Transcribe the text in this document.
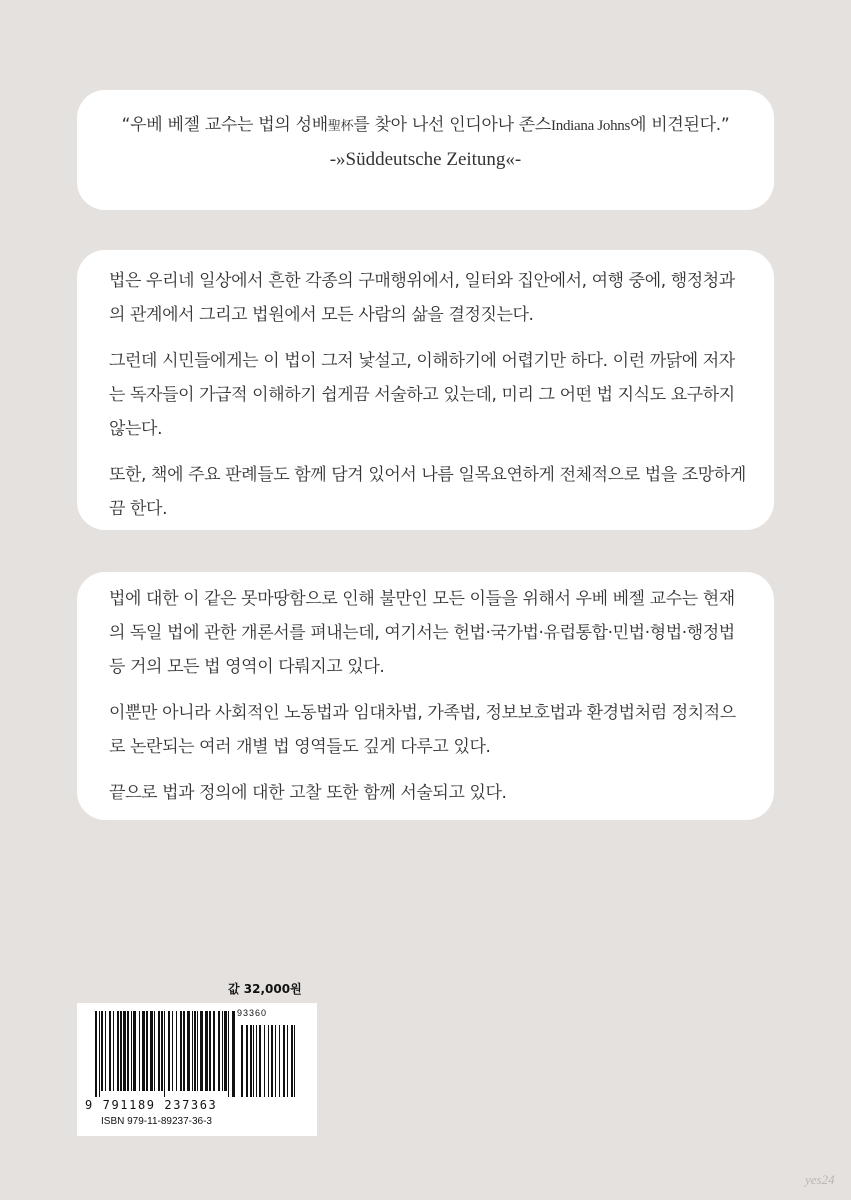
“우베 베젤 교수는 법의 성배聖杯를 찾아 나선 인디아나 존스Indiana Johns에 비견된다.”
-»Süddeutsche Zeitung«-

법은 우리네 일상에서 흔한 각종의 구매행위에서, 일터와 집안에서, 여행 중에, 행정청과의 관계에서 그리고 법원에서 모든 사람의 삶을 결정짓는다.

그런데 시민들에게는 이 법이 그저 낯설고, 이해하기에 어렵기만 하다. 이런 까닭에 저자는 독자들이 가급적 이해하기 쉽게끔 서술하고 있는데, 미리 그 어떤 법 지식도 요구하지 않는다.

또한, 책에 주요 판례들도 함께 담겨 있어서 나름 일목요연하게 전체적으로 법을 조망하게끔 한다.

법에 대한 이 같은 못마땅함으로 인해 불만인 모든 이들을 위해서 우베 베젤 교수는 현재의 독일 법에 관한 개론서를 펴내는데, 여기서는 헌법·국가법·유럽통합·민법·형법·행정법 등 거의 모든 법 영역이 다뤄지고 있다.

이뿐만 아니라 사회적인 노동법과 임대차법, 가족법, 정보보호법과 환경법처럼 정치적으로 논란되는 여러 개별 법 영역들도 깊게 다루고 있다.

끝으로 법과 정의에 대한 고찰 또한 함께 서술되고 있다.

값 32,000원
93360
9 791189 237363
ISBN 979-11-89237-36-3
yes24
